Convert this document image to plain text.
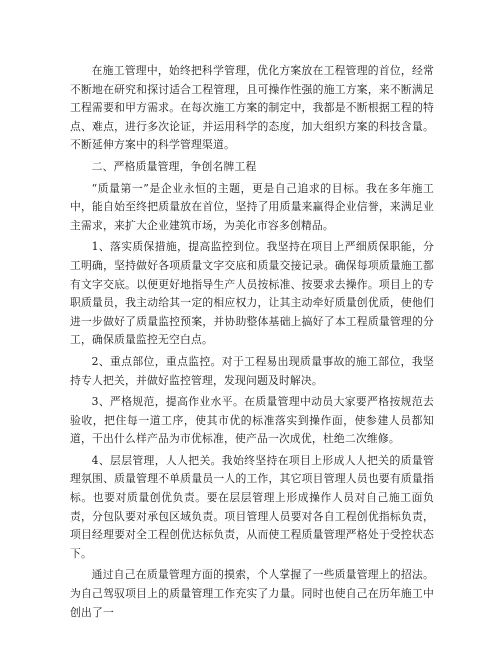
在施工管理中，始终把科学管理，优化方案放在工程管理的首位，经常不断地在研究和探讨适合工程管理，且可操作性强的施工方案，来不断满足工程需要和甲方需求。在每次施工方案的制定中，我都是不断根据工程的特点、难点，进行多次论证，并运用科学的态度，加大组织方案的科技含量。不断延伸方案中的科学管理渠道。

二、严格质量管理，争创名牌工程

“质量第一”是企业永恒的主题，更是自己追求的目标。我在多年施工中，能自始至终把质量放在首位，坚持了用质量来赢得企业信誉，来满足业主需求，来扩大企业建筑市场，为美化市容多创精品。

1、落实质保措施，提高监控到位。我坚持在项目上严细质保职能，分工明确，坚持做好各项质量文字交底和质量交接记录。确保每项质量施工都有文字交底。以便更好地指导生产人员按标准、按要求去操作。项目上的专职质量员，我主动给其一定的相应权力，让其主动牵好质量创优质，使他们进一步做好了质量监控预案，并协助整体基础上搞好了本工程质量管理的分工，确保质量监控无空白点。

2、重点部位，重点监控。对于工程易出现质量事故的施工部位，我坚持专人把关，并做好监控管理，发现问题及时解决。

3、严格规范，提高作业水平。在质量管理中动员大家要严格按规范去验收，把住每一道工序，使其市优的标准落实到操作面，使参建人员都知道，干出什么样产品为市优标准，使产品一次成优，杜绝二次维修。

4、层层管理，人人把关。我始终坚持在项目上形成人人把关的质量管理氛围、质量管理不单质量员一人的工作，其它项目管理人员也要有质量指标。也要对质量创优负责。要在层层管理上形成操作人员对自己施工面负责，分包队要对承包区域负责。项目管理人员要对各自工程创优指标负责，项目经理要对全工程创优达标负责，从而使工程质量管理严格处于受控状态下。

通过自己在质量管理方面的摸索，个人掌握了一些质量管理上的招法。为自己驾驭项目上的质量管理工作充实了力量。同时也使自己在历年施工中创出了一
